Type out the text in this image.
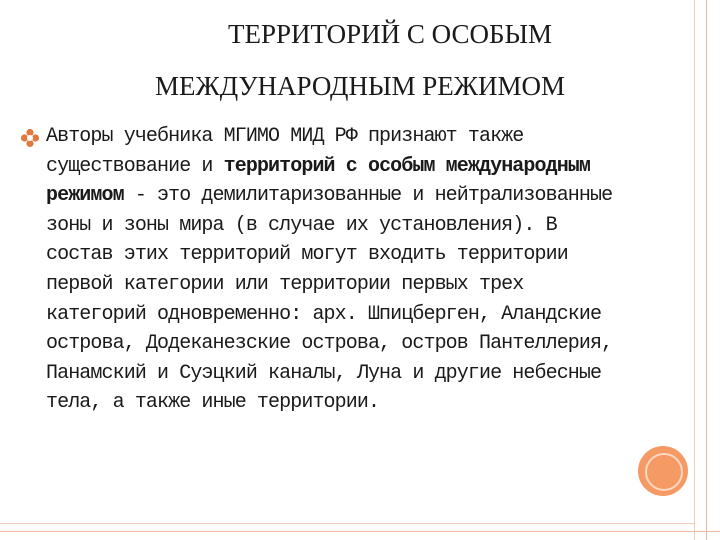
ТЕРРИТОРИЙ С ОСОБЫМ
МЕЖДУНАРОДНЫМ РЕЖИМОМ
Авторы учебника МГИМО МИД РФ признают также существование и территорий с особым международным режимом - это демилитаризованные и нейтрализованные зоны и зоны мира (в случае их установления). В состав этих территорий могут входить территории первой категории или территории первых трех категорий одновременно: арх. Шпицберген, Аландские острова, Додеканезские острова, остров Пантеллерия, Панамский и Суэцкий каналы, Луна и другие небесные тела, а также иные территории.
